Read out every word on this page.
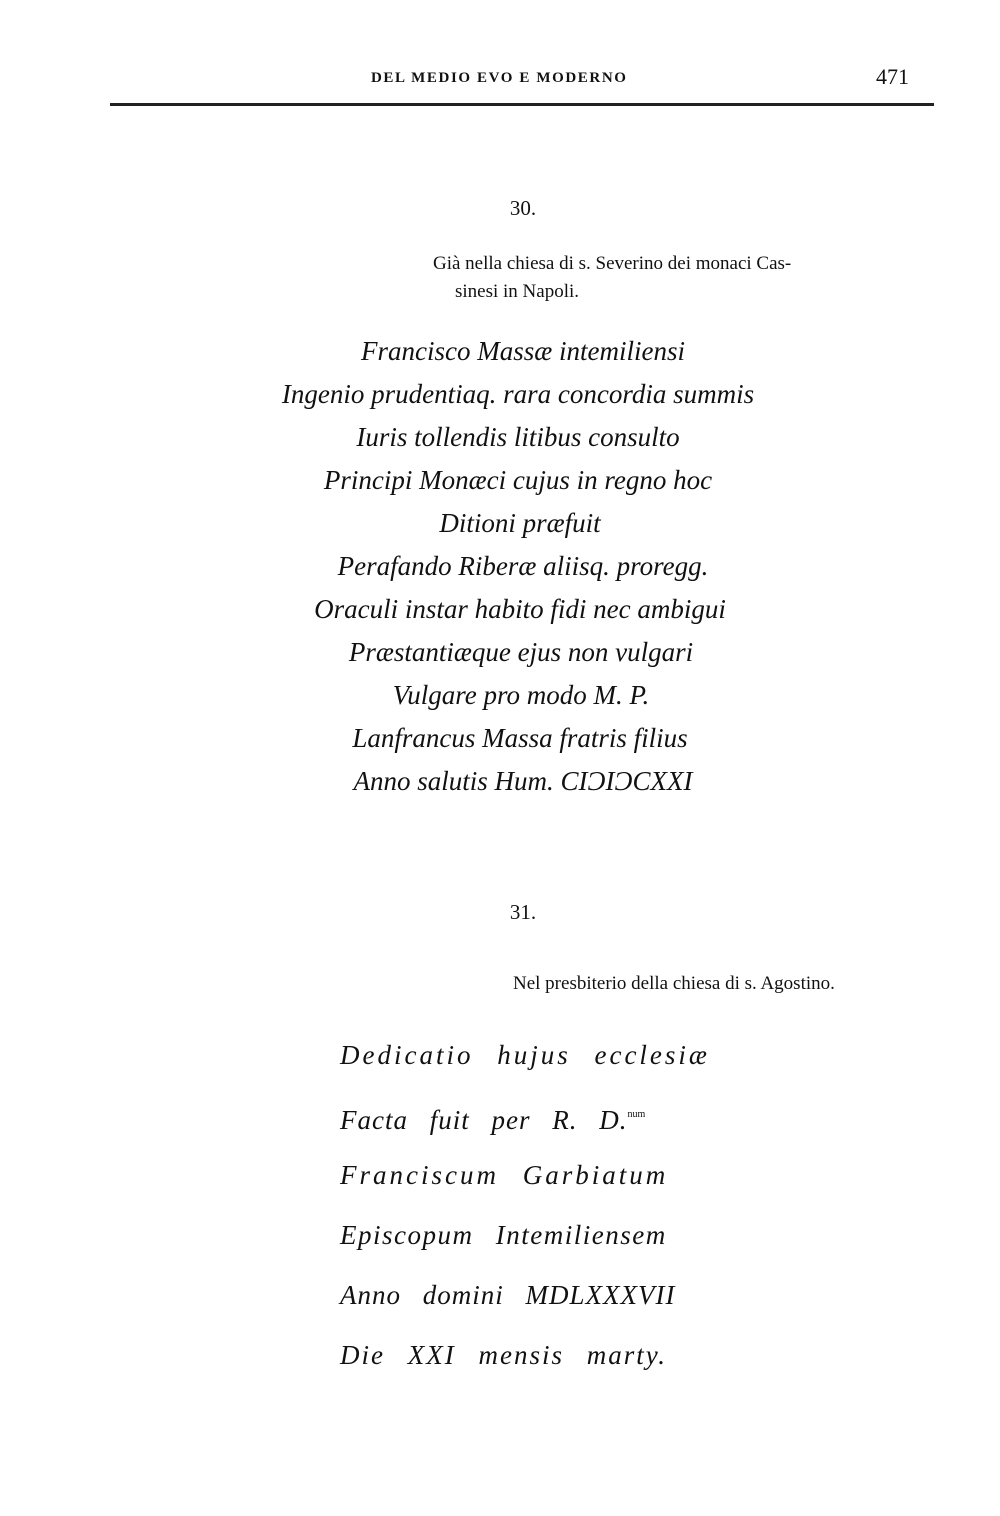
DEL MEDIO EVO E MODERNO	471
30.
Già nella chiesa di s. Severino dei monaci Cas-
sinesi in Napoli.
Francisco Massæ intemiliensi
Ingenio prudentiaq. rara concordia summis
Iuris tollendis litibus consulto
Principi Monæci cujus in regno hoc
Ditioni præfuit
Perafando Riberæ aliisq. proregg.
Oraculi instar habito fidi nec ambigui
Præstantiæque ejus non vulgari
Vulgare pro modo M. P.
Lanfrancus Massa fratris filius
Anno salutis Hum. CIƆIƆCXXI
31.
Nel presbiterio della chiesa di s. Agostino.
Dedicatio hujus ecclesiæ
Facta fuit per R. D.$^{num}$
Franciscum Garbiatum
Episcopum Intemiliensem
Anno domini MDLXXXVII
Die XXI mensis marty.
